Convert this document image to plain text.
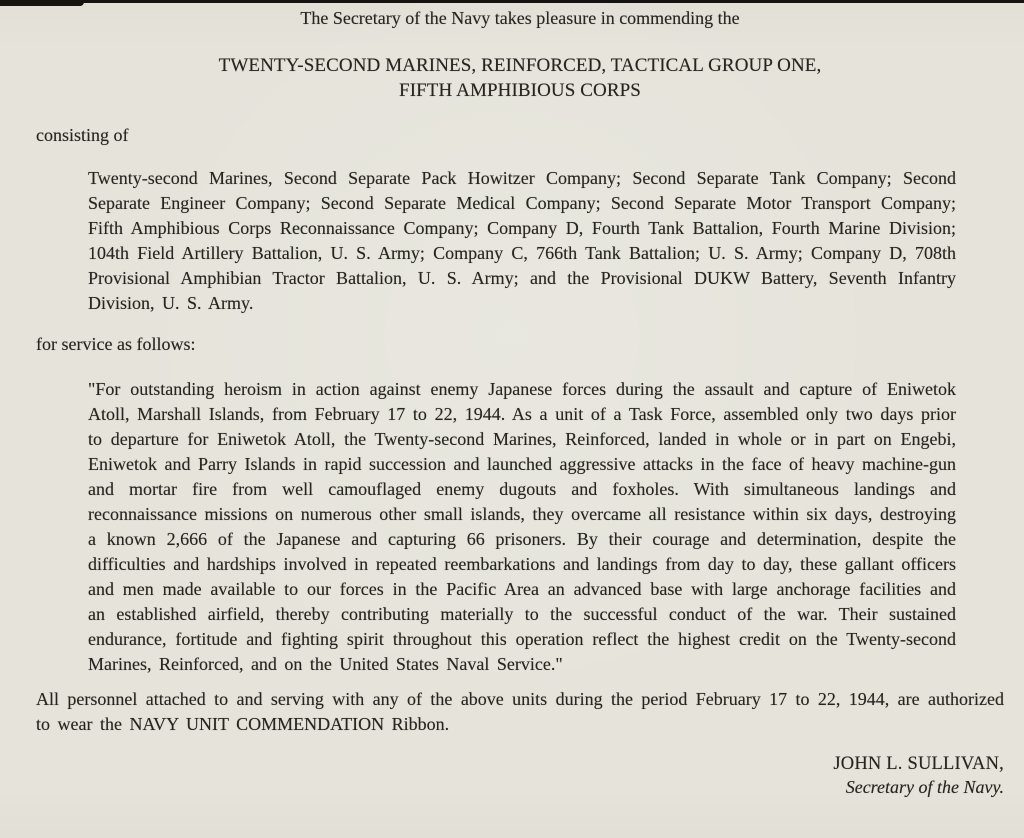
The Secretary of the Navy takes pleasure in commending the

TWENTY-SECOND MARINES, REINFORCED, TACTICAL GROUP ONE,
FIFTH AMPHIBIOUS CORPS

consisting of

Twenty-second Marines, Second Separate Pack Howitzer Company; Second Separate Tank Company; Second Separate Engineer Company; Second Separate Medical Company; Second Separate Motor Transport Company; Fifth Amphibious Corps Reconnaissance Company; Company D, Fourth Tank Battalion, Fourth Marine Division; 104th Field Artillery Battalion, U. S. Army; Company C, 766th Tank Battalion; U. S. Army; Company D, 708th Provisional Amphibian Tractor Battalion, U. S. Army; and the Provisional DUKW Battery, Seventh Infantry Division, U. S. Army.

for service as follows:

"For outstanding heroism in action against enemy Japanese forces during the assault and capture of Eniwetok Atoll, Marshall Islands, from February 17 to 22, 1944. As a unit of a Task Force, assembled only two days prior to departure for Eniwetok Atoll, the Twenty-second Marines, Reinforced, landed in whole or in part on Engebi, Eniwetok and Parry Islands in rapid succession and launched aggressive attacks in the face of heavy machine-gun and mortar fire from well camouflaged enemy dugouts and foxholes. With simultaneous landings and reconnaissance missions on numerous other small islands, they overcame all resistance within six days, destroying a known 2,666 of the Japanese and capturing 66 prisoners. By their courage and determination, despite the difficulties and hardships involved in repeated reembarkations and landings from day to day, these gallant officers and men made available to our forces in the Pacific Area an advanced base with large anchorage facilities and an established airfield, thereby contributing materially to the successful conduct of the war. Their sustained endurance, fortitude and fighting spirit throughout this operation reflect the highest credit on the Twenty-second Marines, Reinforced, and on the United States Naval Service."

All personnel attached to and serving with any of the above units during the period February 17 to 22, 1944, are authorized to wear the NAVY UNIT COMMENDATION Ribbon.

JOHN L. SULLIVAN,
Secretary of the Navy.
